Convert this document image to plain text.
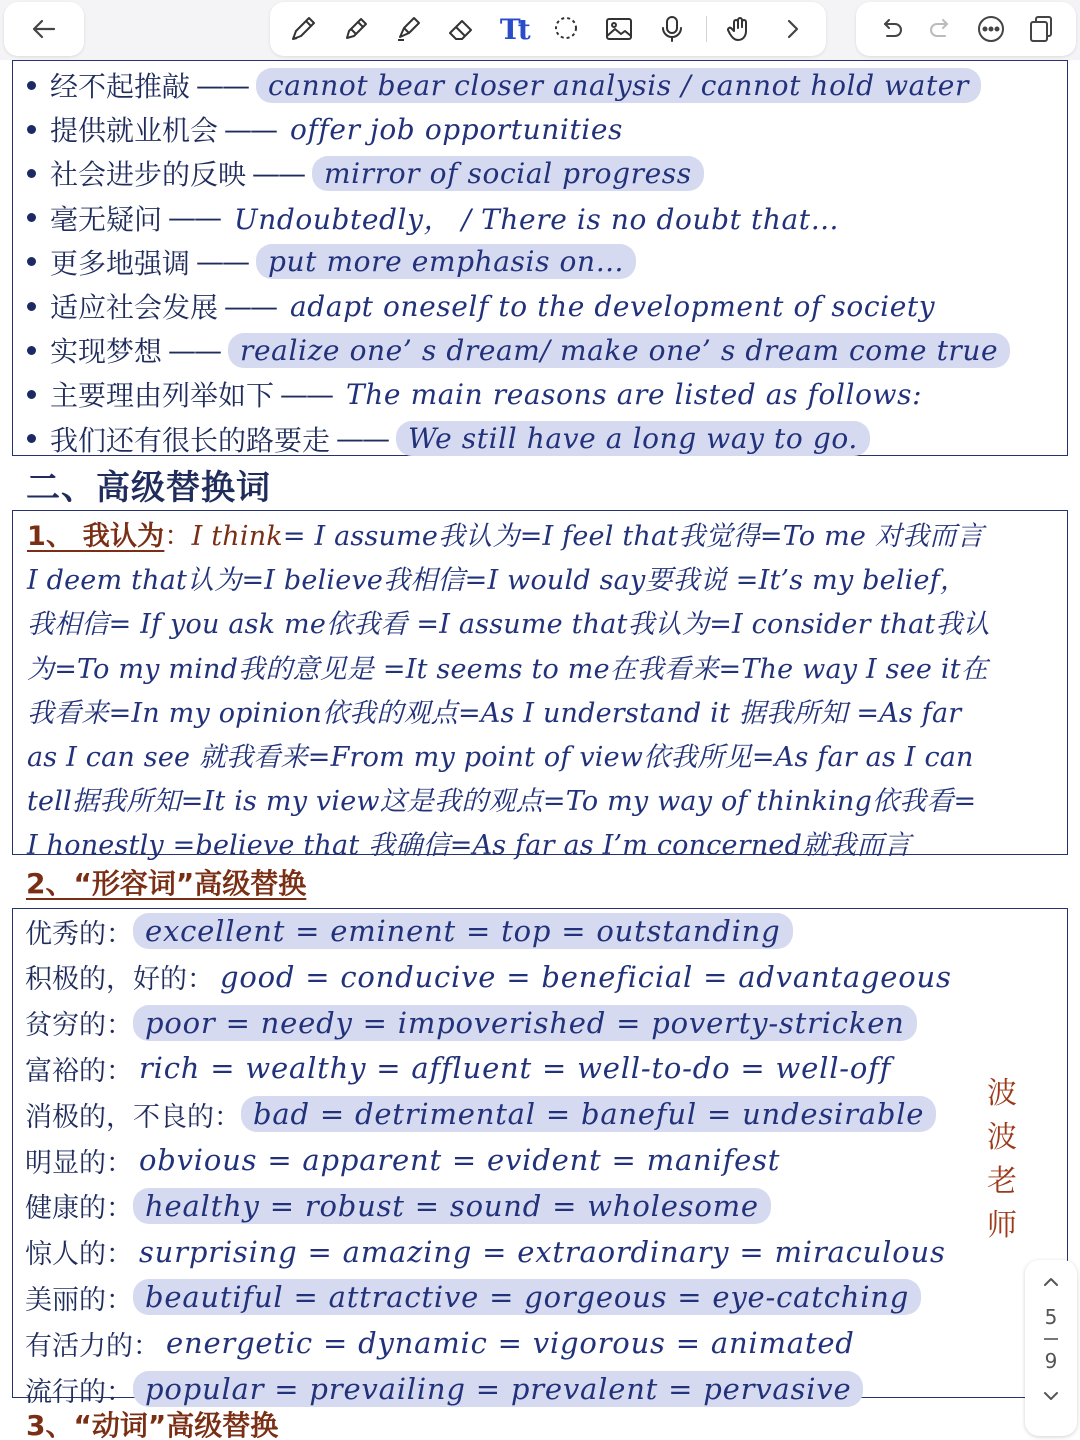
Tt
经不起推敲 —— cannot bear closer analysis / cannot hold water
提供就业机会 —— offer job opportunities
社会进步的反映 —— mirror of social progress
毫无疑问 —— Undoubtedly， / There is no doubt that…
更多地强调 —— put more emphasis on…
适应社会发展 —— adapt oneself to the development of society
实现梦想 —— realize one’ s dream/ make one’ s dream come true
主要理由列举如下 —— The main reasons are listed as follows:
我们还有很长的路要走 —— We still have a long way to go.
二、高级替换词
1、 我认为：I think= I assume我认为=I feel that我觉得=To me 对我而言
I deem that认为=I believe我相信=I would say要我说 =It’s my belief，
我相信= If you ask me依我看 =I assume that我认为=I consider that我认
为=To my mind我的意见是 =It seems to me在我看来=The way I see it在
我看来=In my opinion依我的观点=As I understand it 据我所知 =As far
as I can see 就我看来=From my point of view依我所见=As far as I can
tell据我所知=It is my view这是我的观点=To my way of thinking依我看=
I honestly =believe that 我确信=As far as I’m concerned就我而言
2、“形容词”高级替换
优秀的： excellent = eminent = top = outstanding
积极的，好的： good = conducive = beneficial = advantageous
贫穷的： poor = needy = impoverished = poverty-stricken
富裕的： rich = wealthy = affluent = well-to-do = well-off
消极的，不良的： bad = detrimental = baneful = undesirable
明显的： obvious = apparent = evident = manifest
健康的： healthy = robust = sound = wholesome
惊人的： surprising = amazing = extraordinary = miraculous
美丽的： beautiful = attractive = gorgeous = eye-catching
有活力的： energetic = dynamic = vigorous = animated
流行的： popular = prevailing = prevalent = pervasive
3、“动词”高级替换
波
波
老
师
5
9
